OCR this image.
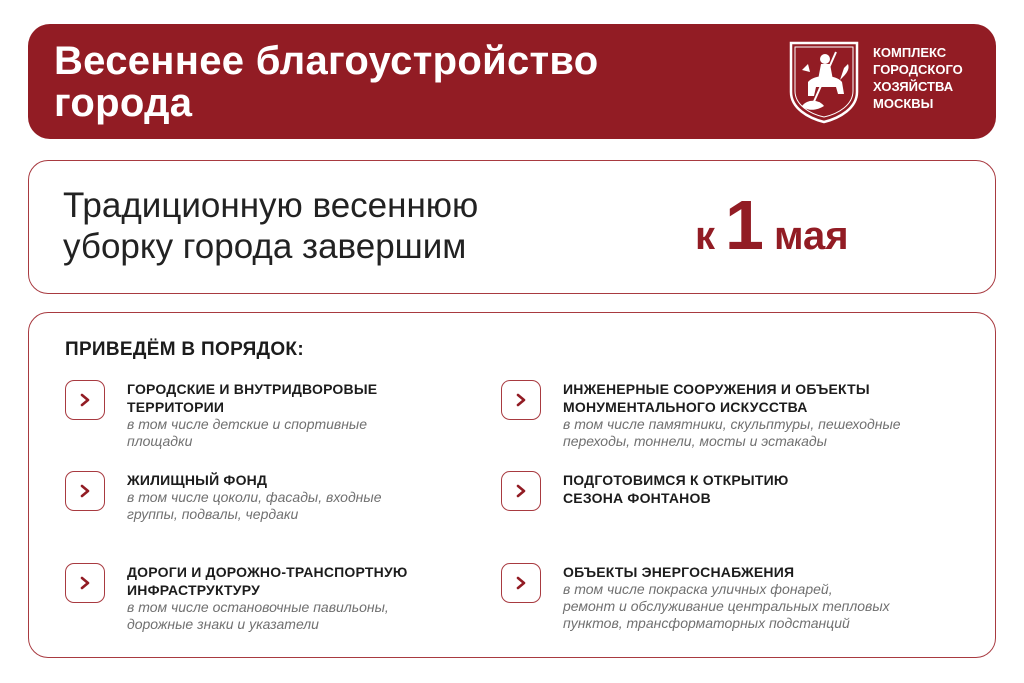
Весеннее благоустройство
города
КОМПЛЕКС
ГОРОДСКОГО
ХОЗЯЙСТВА
МОСКВЫ

Традиционную весеннюю
уборку города завершим	к 1 мая
ПРИВЕДЁМ В ПОРЯДОК:
ГОРОДСКИЕ И ВНУТРИДВОРОВЫЕ
ТЕРРИТОРИИ
в том числе детские и спортивные
площадки
ИНЖЕНЕРНЫЕ СООРУЖЕНИЯ И ОБЪЕКТЫ
МОНУМЕНТАЛЬНОГО ИСКУССТВА
в том числе памятники, скульптуры, пешеходные
переходы, тоннели, мосты и эстакады
ЖИЛИЩНЫЙ ФОНД
в том числе цоколи, фасады, входные
группы, подвалы, чердаки
ПОДГОТОВИМСЯ К ОТКРЫТИЮ
СЕЗОНА ФОНТАНОВ
ДОРОГИ И ДОРОЖНО-ТРАНСПОРТНУЮ
ИНФРАСТРУКТУРУ
в том числе остановочные павильоны,
дорожные знаки и указатели
ОБЪЕКТЫ ЭНЕРГОСНАБЖЕНИЯ
в том числе покраска уличных фонарей,
ремонт и обслуживание центральных тепловых
пунктов, трансформаторных подстанций
